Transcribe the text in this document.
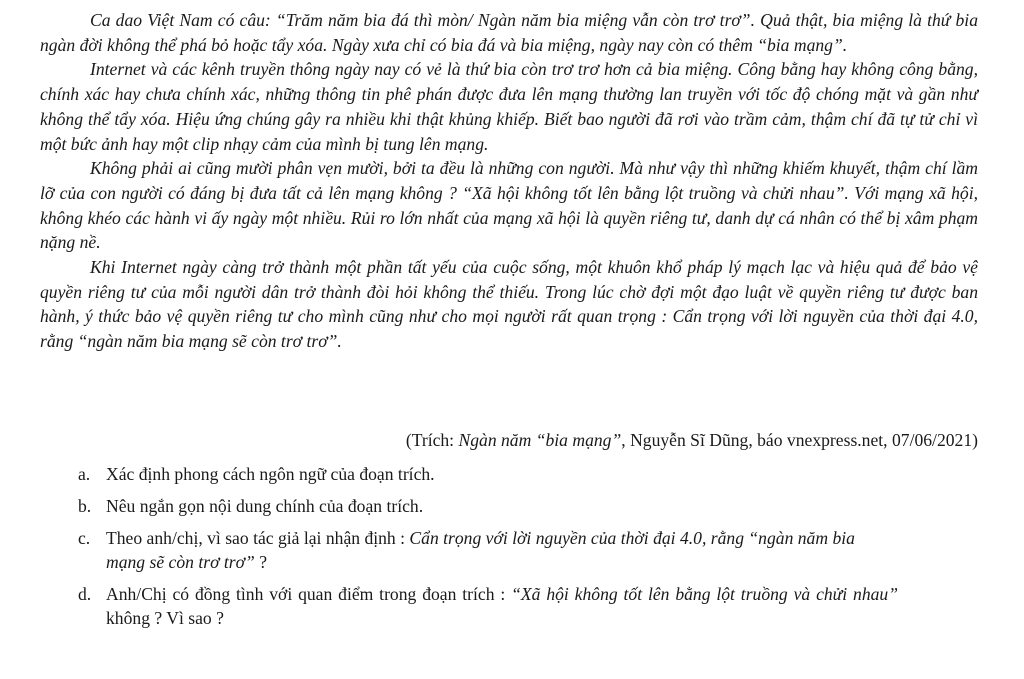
Ca dao Việt Nam có câu: “Trăm năm bia đá thì mòn/ Ngàn năm bia miệng vẫn còn trơ trơ”. Quả thật, bia miệng là thứ bia ngàn đời không thể phá bỏ hoặc tẩy xóa. Ngày xưa chỉ có bia đá và bia miệng, ngày nay còn có thêm “bia mạng”.

Internet và các kênh truyền thông ngày nay có vẻ là thứ bia còn trơ trơ hơn cả bia miệng. Công bằng hay không công bằng, chính xác hay chưa chính xác, những thông tin phê phán được đưa lên mạng thường lan truyền với tốc độ chóng mặt và gần như không thể tẩy xóa. Hiệu ứng chúng gây ra nhiều khi thật khủng khiếp. Biết bao người đã rơi vào trầm cảm, thậm chí đã tự tử chỉ vì một bức ảnh hay một clip nhạy cảm của mình bị tung lên mạng.

Không phải ai cũng mười phân vẹn mười, bởi ta đều là những con người. Mà như vậy thì những khiếm khuyết, thậm chí lầm lỡ của con người có đáng bị đưa tất cả lên mạng không ? “Xã hội không tốt lên bằng lột truồng và chửi nhau”. Với mạng xã hội, không khéo các hành vi ấy ngày một nhiều. Rủi ro lớn nhất của mạng xã hội là quyền riêng tư, danh dự cá nhân có thể bị xâm phạm nặng nề.

Khi Internet ngày càng trở thành một phần tất yếu của cuộc sống, một khuôn khổ pháp lý mạch lạc và hiệu quả để bảo vệ quyền riêng tư của mỗi người dân trở thành đòi hỏi không thể thiếu. Trong lúc chờ đợi một đạo luật về quyền riêng tư được ban hành, ý thức bảo vệ quyền riêng tư cho mình cũng như cho mọi người rất quan trọng : Cẩn trọng với lời nguyền của thời đại 4.0, rằng “ngàn năm bia mạng sẽ còn trơ trơ”.

(Trích: Ngàn năm “bia mạng”, Nguyễn Sĩ Dũng, báo vnexpress.net, 07/06/2021)
a. Xác định phong cách ngôn ngữ của đoạn trích.
b. Nêu ngắn gọn nội dung chính của đoạn trích.
c. Theo anh/chị, vì sao tác giả lại nhận định : Cẩn trọng với lời nguyền của thời đại 4.0, rằng “ngàn năm bia mạng sẽ còn trơ trơ” ?
d. Anh/Chị có đồng tình với quan điểm trong đoạn trích : “Xã hội không tốt lên bằng lột truồng và chửi nhau” không ? Vì sao ?
